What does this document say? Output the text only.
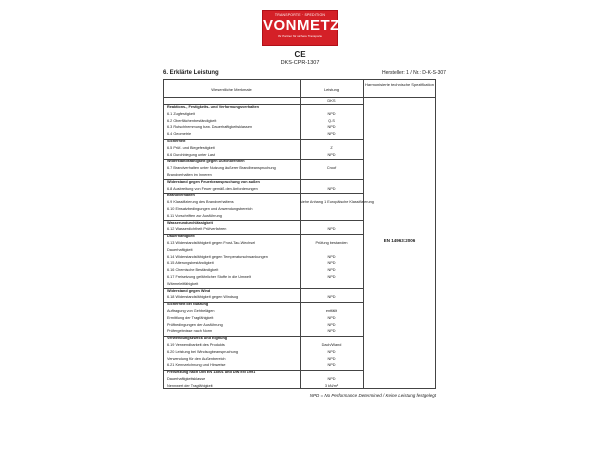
TRANSPORTE · SPEDITION
VONMETZ
Ihr Partner für sichere Transporte
CE
DKS-CPR-1307
6. Erklärte Leistung	Hersteller: 1 / Nr.: D-K-S-307
Wesentliche Merkmale	Leistung
Harmonisierte technische Spezifikation
DKS
Reaktions-, Festigkeits- und Verformungsverhalten
6.1 Zugfestigkeit	NPD
6.2 Oberflächenbeständigkeit	Q-S
6.3 Rutschhemmung bzw. Dauerhaftigkeitsklassen	NPD
6.4 Geometrie	NPD
Sicherheit
6.5 Prüf- und Biegefestigkeit	Z
6.6 Durchbiegung unter Last	NPD
Widerstandsfähigkeit gegen Durchbrennen
6.7 Brandverhalten unter Nutzung äußerer Brandbeanspruchung	Croof
Brandverhalten im Inneren
Widerstand gegen Feuerbeanspruchung von außen
6.8 Ausbreitung von Feuer gemäß den Anforderungen	NPD
Brandverhalten
6.9 Klassifizierung des Brandverhaltens	siehe Anhang 1 Europäische Klassifizierung
6.10 Einsatzbedingungen und Anwendungsbereich
6.11 Vorschriften zur Ausführung
Wasserundurchlässigkeit
6.12 Wasserdichtheit Prüfverfahren	NPD
Dauerhaftigkeit
6.13 Widerstandsfähigkeit gegen Frost-Tau-Wechsel	Prüfung bestanden
Dauerhaftigkeit
6.14 Widerstandsfähigkeit gegen Temperaturschwankungen	NPD
6.15 Alterungsbeständigkeit	NPD
6.16 Chemische Beständigkeit	NPD
6.17 Freisetzung gefährlicher Stoffe in die Umwelt	NPD
Wärmeleitfähigkeit
Widerstand gegen Wind
6.18 Widerstandsfähigkeit gegen Windsog	NPD
Sicherheit bei Nutzung
Auftragung von Gehbelägen	entfällt
Ermittlung der Tragfähigkeit	NPD
Prüfbedingungen der Ausführung	NPD
Prüfergebnisse nach Norm	NPD
Verwendungszweck und Eignung
6.19 Verwendbarkeit des Produkts	Dach/Wand
6.20 Leistung bei Windsogbeanspruchung	NPD
Verwendung für den Außenbereich	NPD
6.21 Kennzeichnung und Hinweise	NPD
Freisetzung nach DIN EN 13501 und DIN EN 1991
Dauerhaftigkeitsklasse	NPD
Nennwert der Tragfähigkeit	3 kN/m²
EN 14963:2006
NPD = No Performance Determined / Keine Leistung festgelegt
